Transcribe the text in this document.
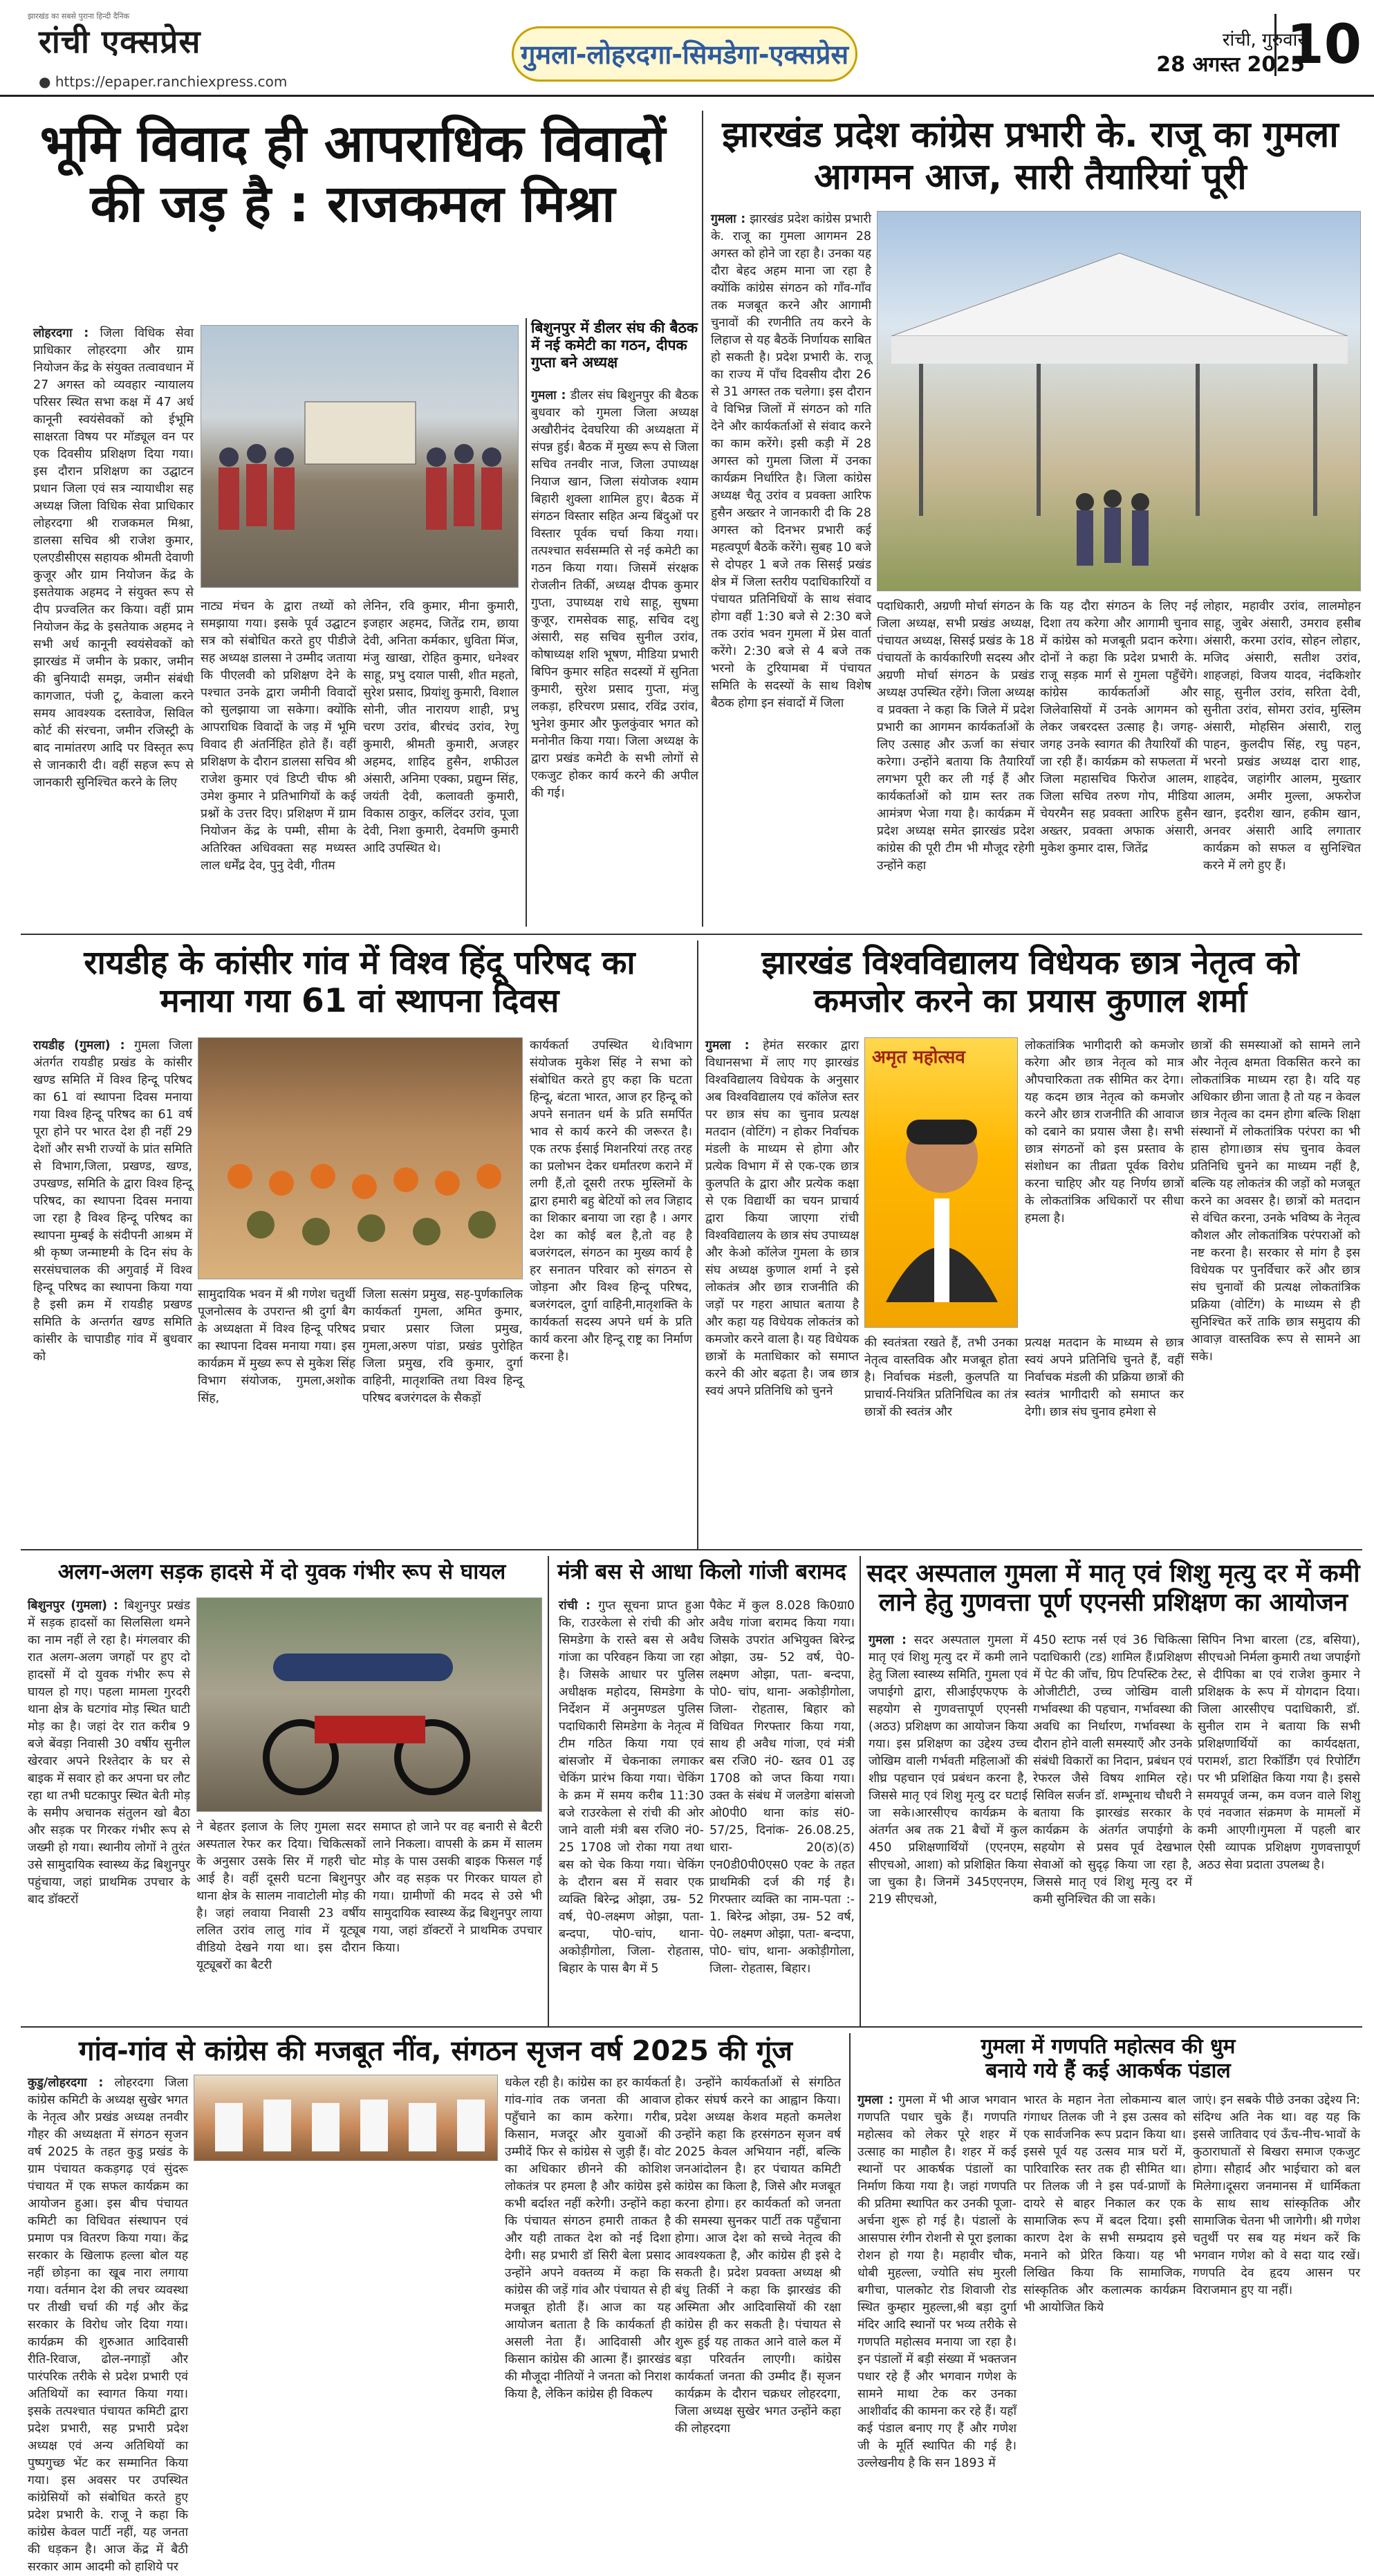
झारखंड का सबसे पुराना हिन्दी दैनिक
रांची एक्सप्रेस
● https://epaper.ranchiexpress.com
गुमला-लोहरदगा-सिमडेगा-एक्सप्रेस	रांची, गुरुवार
28 अगस्त 2025
10
भूमि विवाद ही आपराधिक विवादों
की जड़ है : राजकमल मिश्रा
लोहरदगा : जिला विधिक सेवा प्राधिकार लोहरदगा और ग्राम नियोजन केंद्र के संयुक्त तत्वावधान में 27 अगस्त को व्यवहार न्यायालय परिसर स्थित सभा कक्ष में 47 अर्ध कानूनी स्वयंसेवकों को ईभूमि साक्षरता विषय पर मॉड्यूल वन पर एक दिवसीय प्रशिक्षण दिया गया। इस दौरान प्रशिक्षण का उद्घाटन प्रधान जिला एवं सत्र न्यायाधीश सह अध्यक्ष जिला विधिक सेवा प्राधिकार लोहरदगा श्री राजकमल मिश्रा, डालसा सचिव श्री राजेश कुमार, एलएडीसीएस सहायक श्रीमती देवाणी कुजूर और ग्राम नियोजन केंद्र के इसतेयाक अहमद ने संयुक्त रूप से दीप प्रज्वलित कर किया। वहीं प्राम नियोजन केंद्र के इसतेयाक अहमद ने सभी अर्ध कानूनी स्वयंसेवकों को झारखंड में जमीन के प्रकार, जमीन की बुनियादी समझ, जमीन संबंधी कागजात, पंजी टू, केवाला करने समय आवश्यक दस्तावेज, सिविल कोर्ट की संरचना, जमीन रजिस्ट्री के बाद नामांतरण आदि पर विस्तृत रूप से जानकारी दी। वहीं सहज रूप से जानकारी सुनिश्चित करने के लिए
नाट्य मंचन के द्वारा तथ्यों को समझाया गया। इसके पूर्व उद्घाटन सत्र को संबोधित करते हुए पीडीजे सह अध्यक्ष डालसा ने उम्मीद जताया कि पीएलवी को प्रशिक्षण देने के पश्चात उनके द्वारा जमीनी विवादों को सुलझाया जा सकेगा। क्योंकि आपराधिक विवादों के जड़ में भूमि विवाद ही अंतर्निहित होते हैं। वहीं प्रशिक्षण के दौरान डालसा सचिव श्री राजेश कुमार एवं डिप्टी चीफ श्री उमेश कुमार ने प्रतिभागियों के कई प्रश्नों के उत्तर दिए। प्रशिक्षण में ग्राम नियोजन केंद्र के पम्मी, सीमा के अतिरिक्त अधिवक्ता सह मध्यस्त लाल धर्मेंद्र देव, पुनु देवी, गीतम
लेनिन, रवि कुमार, मीना कुमारी, इजहार अहमद, जितेंद्र राम, छाया देवी, अनिता कर्मकार, धुविता मिंज, मंजु खाखा, रोहित कुमार, धनेश्वर साहू, प्रभु दयाल पासी, शीत महतो, सुरेश प्रसाद, प्रियांशु कुमारी, विशाल सोनी, जीत नारायण शाही, प्रभु चरण उरांव, बीरचंद उरांव, रेणु कुमारी, श्रीमती कुमारी, अजहर अहमद, शाहिद हुसैन, शफीउल अंसारी, अनिमा एक्का, प्रद्युम्न सिंह, जयंती देवी, कलावती कुमारी, विकास ठाकुर, कलिंदर उरांव, पूजा देवी, निशा कुमारी, देवमणि कुमारी आदि उपस्थित थे।
बिशुनपुर में डीलर संघ की बैठक में नई कमेटी का गठन, दीपक गुप्ता बने अध्यक्ष
गुमला : डीलर संघ बिशुनपुर की बैठक बुधवार को गुमला जिला अध्यक्ष अखौरीनंद देवघरिया की अध्यक्षता में संपन्न हुई। बैठक में मुख्य रूप से जिला सचिव तनवीर नाज, जिला उपाध्यक्ष नियाज खान, जिला संयोजक श्याम बिहारी शुक्ला शामिल हुए। बैठक में संगठन विस्तार सहित अन्य बिंदुओं पर विस्तार पूर्वक चर्चा किया गया। तत्पश्चात सर्वसम्मति से नई कमेटी का गठन किया गया। जिसमें संरक्षक रोजलीन तिर्की, अध्यक्ष दीपक कुमार गुप्ता, उपाध्यक्ष राधे साहू, सुषमा कुजूर, रामसेवक साहू, सचिव दशु अंसारी, सह सचिव सुनील उरांव, कोषाध्यक्ष शशि भूषण, मीडिया प्रभारी बिपिन कुमार सहित सदस्यों में सुनिता कुमारी, सुरेश प्रसाद गुप्ता, मंजु लकड़ा, हरिचरण प्रसाद, रविंद्र उरांव, भुनेश कुमार और फुलकुंवार भगत को मनोनीत किया गया। जिला अध्यक्ष के द्वारा प्रखंड कमेटी के सभी लोगों से एकजुट होकर कार्य करने की अपील की गई।
झारखंड प्रदेश कांग्रेस प्रभारी के. राजू का गुमला
आगमन आज, सारी तैयारियां पूरी
गुमला : झारखंड प्रदेश कांग्रेस प्रभारी के. राजू का गुमला आगमन 28 अगस्त को होने जा रहा है। उनका यह दौरा बेहद अहम माना जा रहा है क्योंकि कांग्रेस संगठन को गाँव-गाँव तक मजबूत करने और आगामी चुनावों की रणनीति तय करने के लिहाज से यह बैठकें निर्णायक साबित हो सकती है। प्रदेश प्रभारी के. राजू का राज्य में पाँच दिवसीय दौरा 26 से 31 अगस्त तक चलेगा। इस दौरान वे विभिन्न जिलों में संगठन को गति देने और कार्यकर्ताओं से संवाद करने का काम करेंगे। इसी कड़ी में 28 अगस्त को गुमला जिला में उनका कार्यक्रम निर्धारित है। जिला कांग्रेस अध्यक्ष चैतू उरांव व प्रवक्ता आरिफ हुसैन अख्तर ने जानकारी दी कि 28 अगस्त को दिनभर प्रभारी कई महत्वपूर्ण बैठकें करेंगे। सुबह 10 बजे से दोपहर 1 बजे तक सिसई प्रखंड क्षेत्र में जिला स्तरीय पदाधिकारियों व पंचायत प्रतिनिधियों के साथ संवाद होगा वहीं 1:30 बजे से 2:30 बजे तक उरांव भवन गुमला में प्रेस वार्ता करेंगे। 2:30 बजे से 4 बजे तक भरनो के टुरियामबा में पंचायत समिति के सदस्यों के साथ विशेष बैठक होगा इन संवादों में जिला
पदाधिकारी, अग्रणी मोर्चा संगठन के जिला अध्यक्ष, सभी प्रखंड अध्यक्ष, पंचायत अध्यक्ष, सिसई प्रखंड के 18 पंचायतों के कार्यकारिणी सदस्य और अग्रणी मोर्चा संगठन के प्रखंड अध्यक्ष उपस्थित रहेंगे। जिला अध्यक्ष व प्रवक्ता ने कहा कि जिले में प्रदेश प्रभारी का आगमन कार्यकर्ताओं के लिए उत्साह और ऊर्जा का संचार करेगा। उन्होंने बताया कि तैयारियाँ लगभग पूरी कर ली गई हैं और कार्यकर्ताओं को ग्राम स्तर तक आमंत्रण भेजा गया है। कार्यक्रम में प्रदेश अध्यक्ष समेत झारखंड प्रदेश कांग्रेस की पूरी टीम भी मौजूद रहेगी उन्होंने कहा
कि यह दौरा संगठन के लिए नई दिशा तय करेगा और आगामी चुनाव में कांग्रेस को मजबूती प्रदान करेगा। दोनों ने कहा कि प्रदेश प्रभारी के. राजू सड़क मार्ग से गुमला पहुँचेंगे। कांग्रेस कार्यकर्ताओं और जिलेवासियों में उनके आगमन को लेकर जबरदस्त उत्साह है। जगह-जगह उनके स्वागत की तैयारियाँ की जा रही हैं। कार्यक्रम को सफलता में जिला महासचिव फिरोज आलम, जिला सचिव तरुण गोप, मीडिया चेयरमैन सह प्रवक्ता आरिफ हुसैन अख्तर, प्रवक्ता अफाक अंसारी, मुकेश कुमार दास, जितेंद्र
लोहार, महावीर उरांव, लालमोहन साहू, जुबेर अंसारी, उमराव हसीब अंसारी, करमा उरांव, सोहन लोहार, मजिद अंसारी, सतीश उरांव, शाहजहां, विजय यादव, नंदकिशोर साहू, सुनील उरांव, सरिता देवी, सुनीता उरांव, सोमरा उरांव, मुस्लिम अंसारी, मोहसिन अंसारी, रालु पाहन, कुलदीप सिंह, रघु पहन, भरनो प्रखंड अध्यक्ष दारा शाह, शाहदेव, जहांगीर आलम, मुख्तार आलम, अमीर मुल्ला, अफरोज खान, इदरीश खान, हकीम खान, अनवर अंसारी आदि लगातार कार्यक्रम को सफल व सुनिश्चित करने में लगे हुए हैं।
रायडीह के कांसीर गांव में विश्व हिंदू परिषद का
मनाया गया 61 वां स्थापना दिवस
रायडीह (गुमला) : गुमला जिला अंतर्गत रायडीह प्रखंड के कांसीर खण्ड समिति में विश्व हिन्दू परिषद का 61 वां स्थापना दिवस मनाया गया विश्व हिन्दू परिषद का 61 वर्ष पूरा होने पर भारत देश ही नहीं 29 देशों और सभी राज्यों के प्रांत समिति से विभाग,जिला, प्रखण्ड, खण्ड, उपखण्ड, समिति के द्वारा विश्व हिन्दू परिषद, का स्थापना दिवस मनाया जा रहा है विश्व हिन्दू परिषद का स्थापना मुम्बई के संदीपनी आश्रम में श्री कृष्ण जन्माष्टमी के दिन संघ के सरसंघचालक की अगुवाई में विश्व हिन्दू परिषद का स्थापना किया गया है इसी क्रम में रायडीह प्रखण्ड समिति के अन्तर्गत खण्ड समिति कांसीर के चापाडीह गांव में बुधवार को
सामुदायिक भवन में श्री गणेश चतुर्थी पूजनोत्सव के उपरान्त श्री दुर्गा बैग के अध्यक्षता में विश्व हिन्दू परिषद का स्थापना दिवस मनाया गया। इस कार्यक्रम में मुख्य रूप से मुकेश सिंह विभाग संयोजक, गुमला,अशोक सिंह,
जिला सत्संग प्रमुख, सह-पुर्णकालिक कार्यकर्ता गुमला, अमित कुमार, प्रचार प्रसार जिला प्रमुख, गुमला,अरुण पांडा, प्रखंड पुरोहित जिला प्रमुख, रवि कुमार, दुर्गा वाहिनी, मातृशक्ति तथा विश्व हिन्दू परिषद बजरंगदल के सैकड़ों
कार्यकर्ता उपस्थित थे।विभाग संयोजक मुकेश सिंह ने सभा को संबोधित करते हुए कहा कि घटता हिन्दू, बंटता भारत, आज हर हिन्दू को अपने सनातन धर्म के प्रति समर्पित भाव से कार्य करने की जरूरत है। एक तरफ ईसाई मिशनरियां तरह तरह का प्रलोभन देकर धर्मांतरण कराने में लगी हैं,तो दूसरी तरफ मुस्लिमों के द्वारा हमारी बहु बेटियों को लव जिहाद का शिकार बनाया जा रहा है । अगर देश का कोई बल है,तो वह है बजरंगदल, संगठन का मुख्य कार्य है हर सनातन परिवार को संगठन से जोड़ना और विश्व हिन्दू परिषद, बजरंगदल, दुर्गा वाहिनी,मातृशक्ति के कार्यकर्ता सदस्य अपने धर्म के प्रति कार्य करना और हिन्दू राष्ट्र का निर्माण करना है।
झारखंड विश्वविद्यालय विधेयक छात्र नेतृत्व को
कमजोर करने का प्रयास कुणाल शर्मा
गुमला : हेमंत सरकार द्वारा विधानसभा में लाए गए झारखंड विश्वविद्यालय विधेयक के अनुसार अब विश्वविद्यालय एवं कॉलेज स्तर पर छात्र संघ का चुनाव प्रत्यक्ष मतदान (वोटिंग) न होकर निर्वाचक मंडली के माध्यम से होगा और प्रत्येक विभाग में से एक-एक छात्र कुलपति के द्वारा और प्रत्येक कक्षा से एक विद्यार्थी का चयन प्राचार्य द्वारा किया जाएगा रांची विश्वविद्यालय के छात्र संघ उपाध्यक्ष और केओ कॉलेज गुमला के छात्र संघ अध्यक्ष कुणाल शर्मा ने इसे लोकतंत्र और छात्र राजनीति की जड़ों पर गहरा आघात बताया है और कहा यह विधेयक लोकतंत्र को कमजोर करने वाला है। यह विधेयक छात्रों के मताधिकार को समाप्त करने की ओर बढ़ता है। जब छात्र स्वयं अपने प्रतिनिधि को चुनने
अमृत महोत्सव
की स्वतंत्रता रखते हैं, तभी उनका नेतृत्व वास्तविक और मजबूत होता है। निर्वाचक मंडली, कुलपति या प्राचार्य-नियंत्रित प्रतिनिधित्व का तंत्र छात्रों की स्वतंत्र और
लोकतांत्रिक भागीदारी को कमजोर करेगा और छात्र नेतृत्व को मात्र औपचारिकता तक सीमित कर देगा।यह कदम छात्र नेतृत्व को कमजोर करने और छात्र राजनीति की आवाज को दबाने का प्रयास जैसा है। सभी छात्र संगठनों को इस प्रस्ताव के संशोधन का तीव्रता पूर्वक विरोध करना चाहिए और यह निर्णय छात्रों के लोकतांत्रिक अधिकारों पर सीधा हमला है।
प्रत्यक्ष मतदान के माध्यम से छात्र स्वयं अपने प्रतिनिधि चुनते हैं, वहीं निर्वाचक मंडली की प्रक्रिया छात्रों की स्वतंत्र भागीदारी को समाप्त कर देगी। छात्र संघ चुनाव हमेशा से
छात्रों की समस्याओं को सामने लाने और नेतृत्व क्षमता विकसित करने का लोकतांत्रिक माध्यम रहा है। यदि यह अधिकार छीना जाता है तो यह न केवल छात्र नेतृत्व का दमन होगा बल्कि शिक्षा संस्थानों में लोकतांत्रिक परंपरा का भी हास होगा।छात्र संघ चुनाव केवल प्रतिनिधि चुनने का माध्यम नहीं है, बल्कि यह लोकतंत्र की जड़ों को मजबूत करने का अवसर है। छात्रों को मतदान से वंचित करना, उनके भविष्य के नेतृत्व कौशल और लोकतांत्रिक परंपराओं को नष्ट करना है। सरकार से मांग है इस विधेयक पर पुनर्विचार करें और छात्र संघ चुनावों की प्रत्यक्ष लोकतांत्रिक प्रक्रिया (वोटिंग) के माध्यम से ही सुनिश्चित करें ताकि छात्र समुदाय की आवाज़ वास्तविक रूप से सामने आ सके।
अलग-अलग सड़क हादसे में दो युवक गंभीर रूप से घायल
बिशुनपुर (गुमला) : बिशुनपुर प्रखंड में सड़क हादसों का सिलसिला थमने का नाम नहीं ले रहा है। मंगलवार की रात अलग-अलग जगहों पर हुए दो हादसों में दो युवक गंभीर रूप से घायल हो गए। पहला मामला गुरदरी थाना क्षेत्र के घटगांव मोड़ स्थित घाटी मोड़ का है। जहां देर रात करीब 9 बजे बेंवड़ा निवासी 30 वर्षीय सुनील खेरवार अपने रिश्तेदार के घर से बाइक में सवार हो कर अपना घर लौट रहा था तभी घटकापुर स्थित बेती मोड़ के समीप अचानक संतुलन खो बैठा और सड़क पर गिरकर गंभीर रूप से जख्मी हो गया। स्थानीय लोगों ने तुरंत उसे सामुदायिक स्वास्थ्य केंद्र बिशुनपुर पहुंचाया, जहां प्राथमिक उपचार के बाद डॉक्टरों
ने बेहतर इलाज के लिए गुमला सदर अस्पताल रेफर कर दिया। चिकित्सकों के अनुसार उसके सिर में गहरी चोट आई है। वहीं दूसरी घटना बिशुनपुर थाना क्षेत्र के सालम नावाटोली मोड़ की है। जहां लवाया निवासी 23 वर्षीय ललित उरांव लालु गांव में यूट्यूब वीडियो देखने गया था। इस दौरान यूट्यूबरों का बैटरी
समाप्त हो जाने पर वह बनारी से बैटरी लाने निकला। वापसी के क्रम में सालम मोड़ के पास उसकी बाइक फिसल गई और वह सड़क पर गिरकर घायल हो गया। ग्रामीणों की मदद से उसे भी सामुदायिक स्वास्थ्य केंद्र बिशुनपुर लाया गया, जहां डॉक्टरों ने प्राथमिक उपचार किया।
मंत्री बस से आधा किलो गांजी बरामद
रांची : गुप्त सूचना प्राप्त हुआ कि, राउरकेला से रांची की ओर सिमडेगा के रास्ते बस से अवैध गांजा का परिवहन किया जा रहा है। जिसके आधार पर पुलिस अधीक्षक महोदय, सिमडेगा के निर्देशन में अनुमण्डल पुलिस पदाधिकारी सिमडेगा के नेतृत्व में टीम गठित किया गया एवं बांसजोर में चेकनाका लगाकर चेकिंग प्रारंभ किया गया। चेकिंग के क्रम में समय करीब 11:30 बजे राउरकेला से रांची की ओर जाने वाली मंत्री बस रजि0 नं0- 25 1708 जो रोका गया तथा बस को चेक किया गया। चेकिंग के दौरान बस में सवार एक व्यक्ति बिरेन्द्र ओझा, उम्र- 52 वर्ष, पे0-लक्ष्मण ओझा, पता- बन्दपा, पो0-चांप, थाना- अकोड़ीगोला, जिला- रोहतास, बिहार के पास बैग में 5
पैकेट में कुल 8.028 कि0ग्रा0 अवैध गांजा बरामद किया गया। जिसके उपरांत अभियुक्त बिरेन्द्र ओझा, उम्र- 52 वर्ष, पे0- लक्ष्मण ओझा, पता- बन्दपा, पो0- चांप, थाना- अकोड़ीगोला, जिला- रोहतास, बिहार को विधिवत गिरफ्तार किया गया, साथ ही अवैध गांजा, एवं मंत्री बस रजि0 नं0- ख्तव 01 उइ 1708 को जप्त किया गया। उक्त के संबंध में जलडेगा बांसजो ओ0पी0 थाना कांड सं0- 57/25, दिनांक- 26.08.25, धारा- 20(ठ)(ठ) एन0डी0पी0एस0 एक्ट के तहत प्राथमिकी दर्ज की गई है। गिरफ्तार व्यक्ति का नाम-पता :- 1. बिरेन्द्र ओझा, उम्र- 52 वर्ष, पे0- लक्ष्मण ओझा, पता- बन्दपा, पो0- चांप, थाना- अकोड़ीगोला, जिला- रोहतास, बिहार।
सदर अस्पताल गुमला में मातृ एवं शिशु मृत्यु दर में कमी
लाने हेतु गुणवत्ता पूर्ण एएनसी प्रशिक्षण का आयोजन
गुमला : सदर अस्पताल गुमला में मातृ एवं शिशु मृत्यु दर में कमी लाने हेतु जिला स्वास्थ्य समिति, गुमला एवं जपाईगो द्वारा, सीआईएफएफ के सहयोग से गुणवत्तापूर्ण एएनसी (अठउ) प्रशिक्षण का आयोजन किया गया। इस प्रशिक्षण का उद्देश्य उच्च जोखिम वाली गर्भवती महिलाओं की शीघ्र पहचान एवं प्रबंधन करना है, जिससे मातृ एवं शिशु मृत्यु दर घटाई जा सके।आरसीएच कार्यक्रम के अंतर्गत अब तक 21 बैचों में कुल 450 प्रशिक्षणार्थियों (एएनएम, सीएचओ, आशा) को प्रशिक्षित किया जा चुका है। जिनमें 345एएनएम, 219 सीएचओ,
450 स्टाफ नर्स एवं 36 चिकित्सा पदाधिकारी (टड) शामिल हैं।प्रशिक्षण में पेट की जाँच, ग्रिप टिपस्टिक टेस्ट, ओजीटीटी, उच्च जोखिम वाली गर्भावस्था की पहचान, गर्भावस्था की अवधि का निर्धारण, गर्भावस्था के दौरान होने वाली समस्याएँ और उनके संबंधी विकारों का निदान, प्रबंधन एवं रेफरल जैसे विषय शामिल रहे।सिविल सर्जन डॉ. शम्भूनाथ चौधरी ने बताया कि झारखंड सरकार के कार्यक्रम के अंतर्गत जपाईगो के सहयोग से प्रसव पूर्व देखभाल सेवाओं को सुदृढ़ किया जा रहा है, जिससे मातृ एवं शिशु मृत्यु दर में कमी सुनिश्चित की जा सके।
सिपिन निभा बारला (टड, बसिया), सीएचओ निर्मला कुमारी तथा जपाईगो से दीपिका बा एवं राजेश कुमार ने प्रशिक्षक के रूप में योगदान दिया।जिला आरसीएच पदाधिकारी, डॉ. सुनील राम ने बताया कि सभी प्रशिक्षणार्थियों का कार्यदक्षता, परामर्श, डाटा रिकॉर्डिंग एवं रिपोर्टिंग पर भी प्रशिक्षित किया गया है। इससे समयपूर्व जन्म, कम वजन वाले शिशु एवं नवजात संक्रमण के मामलों में कमी आएगी।गुमला में पहली बार ऐसी व्यापक प्रशिक्षण गुणवत्तापूर्ण अठउ सेवा प्रदाता उपलब्ध है।
गांव-गांव से कांग्रेस की मजबूत नींव, संगठन सृजन वर्ष 2025 की गूंज
कुडु/लोहरदगा : लोहरदगा जिला कांग्रेस कमिटी के अध्यक्ष सुखेर भगत के नेतृत्व और प्रखंड अध्यक्ष तनवीर गौहर की अध्यक्षता में संगठन सृजन वर्ष 2025 के तहत कुडु प्रखंड के ग्राम पंचायत ककड़गढ़ एवं सुंदरू पंचायत में एक सफल कार्यक्रम का आयोजन हुआ। इस बीच पंचायत कमिटी का विधिवत संस्थापन एवं प्रमाण पत्र वितरण किया गया। केंद्र सरकार के खिलाफ हल्ला बोल यह नहीं छोड़ना का खूब नारा लगाया गया। वर्तमान देश की लचर व्यवस्था पर तीखी चर्चा की गई और केंद्र सरकार के विरोध जोर दिया गया। कार्यक्रम की शुरुआत आदिवासी रीति-रिवाज, ढोल-नगाड़ों और पारंपरिक तरीके से प्रदेश प्रभारी एवं अतिथियों का स्वागत किया गया। इसके तत्पश्चात पंचायत कमिटी द्वारा प्रदेश प्रभारी, सह प्रभारी प्रदेश अध्यक्ष एवं अन्य अतिथियों का पुष्पगुच्छ भेंट कर सम्मानित किया गया। इस अवसर पर उपस्थित कांग्रेसियों को संबोधित करते हुए प्रदेश प्रभारी के. राजू ने कहा कि कांग्रेस केवल पार्टी नहीं, यह जनता की धड़कन है। आज केंद्र में बैठी सरकार आम आदमी को हाशिये पर
धकेल रही है। कांग्रेस का हर कार्यकर्ता गांव-गांव तक जनता की आवाज पहुँचाने का काम करेगा। गरीब, किसान, मजदूर और युवाओं की उम्मीदें फिर से कांग्रेस से जुड़ी हैं। वोट का अधिकार छीनने की कोशिश लोकतंत्र पर हमला है और कांग्रेस इसे कभी बर्दाश्त नहीं करेगी। उन्होंने कहा कि पंचायत संगठन हमारी ताकत है और यही ताकत देश को नई दिशा देगी। सह प्रभारी डॉ सिरी बेला प्रसाद उन्होंने अपने वक्तव्य में कहा कि कांग्रेस की जड़ें गांव और पंचायत से ही मजबूत होती हैं। आज का यह आयोजन बताता है कि कार्यकर्ता ही असली नेता हैं। आदिवासी और किसान कांग्रेस की आत्मा हैं। झारखंड की मौजूदा नीतियों ने जनता को निराश किया है, लेकिन कांग्रेस ही विकल्प
है। उन्होंने कार्यकर्ताओं से संगठित होकर संघर्ष करने का आह्वान किया। प्रदेश अध्यक्ष केशव महतो कमलेश उन्होंने कहा कि हरसंगठन सृजन वर्ष 2025 केवल अभियान नहीं, बल्कि जनआंदोलन है। हर पंचायत कमिटी कांग्रेस का किला है, जिसे और मजबूत करना होगा। हर कार्यकर्ता को जनता की समस्या सुनकर पार्टी तक पहुँचाना होगा। आज देश को सच्चे नेतृत्व की आवश्यकता है, और कांग्रेस ही इसे दे सकती है। प्रदेश प्रवक्ता अध्यक्ष श्री बंधु तिर्की ने कहा कि झारखंड की अस्मिता और आदिवासियों की रक्षा कांग्रेस ही कर सकती है। पंचायत से शुरू हुई यह ताकत आने वाले कल में बड़ा परिवर्तन लाएगी। कांग्रेस कार्यकर्ता जनता की उम्मीद हैं। सृजन कार्यक्रम के दौरान चक्रधर लोहरदगा, जिला अध्यक्ष सुखेर भगत उन्होंने कहा की लोहरदगा
गुमला में गणपति महोत्सव की धुम
बनाये गये हैं कई आकर्षक पंडाल
गुमला : गुमला में भी आज भगवान गणपति पधार चुके हैं। गणपति महोत्सव को लेकर पूरे शहर में उत्साह का माहौल है। शहर में कई स्थानों पर आकर्षक पंडालों का निर्माण किया गया है। जहां गणपति की प्रतिमा स्थापित कर उनकी पूजा-अर्चना शुरू हो गई है। पंडालों के आसपास रंगीन रोशनी से पूरा इलाका रोशन हो गया है। महावीर चौक, धोबी मुहल्ला, ज्योति संघ मुरली बगीचा, पालकोट रोड शिवाजी रोड स्थित कुम्हार मुहल्ला,श्री बड़ा दुर्गा मंदिर आदि स्थानों पर भव्य तरीके से गणपति महोत्सव मनाया जा रहा है। इन पंडालों में बड़ी संख्या में भक्तजन पधार रहे हैं और भगवान गणेश के सामने माथा टेक कर उनका आशीर्वाद की कामना कर रहे हैं। यहाँ कई पंडाल बनाए गए हैं और गणेश जी के मूर्ति स्थापित की गई है। उल्लेखनीय है कि सन 1893 में
भारत के महान नेता लोकमान्य बाल गंगाधर तिलक जी ने इस उत्सव को एक सार्वजनिक रूप प्रदान किया था। इससे पूर्व यह उत्सव मात्र घरों में, पारिवारिक स्तर तक ही सीमित था। पर तिलक जी ने इस पर्व-प्राणों के दायरे से बाहर निकाल कर एक सामाजिक रूप में बदल दिया। इसी कारण देश के सभी सम्प्रदाय इसे मनाने को प्रेरित किया। यह भी लिखित किया कि सामाजिक, सांस्कृतिक और कलात्मक कार्यक्रम भी आयोजित किये
जाएं। इन सबके पीछे उनका उद्देश्य नि: संदिग्ध अति नेक था। वह यह कि इससे जातिवाद एवं ऊँच-नीच-भावों के कुठाराघातों से बिखरा समाज एकजुट होगा। सौहार्द और भाईचारा को बल मिलेगा।दूसरा जनमानस में धार्मिकता के साथ साथ सांस्कृतिक और सामाजिक चेतना भी जागेगी। श्री गणेश चतुर्थी पर सब यह मंथन करें कि भगवान गणेश को वे सदा याद रखें। गणपति देव हृदय आसन पर विराजमान हुए या नहीं।
